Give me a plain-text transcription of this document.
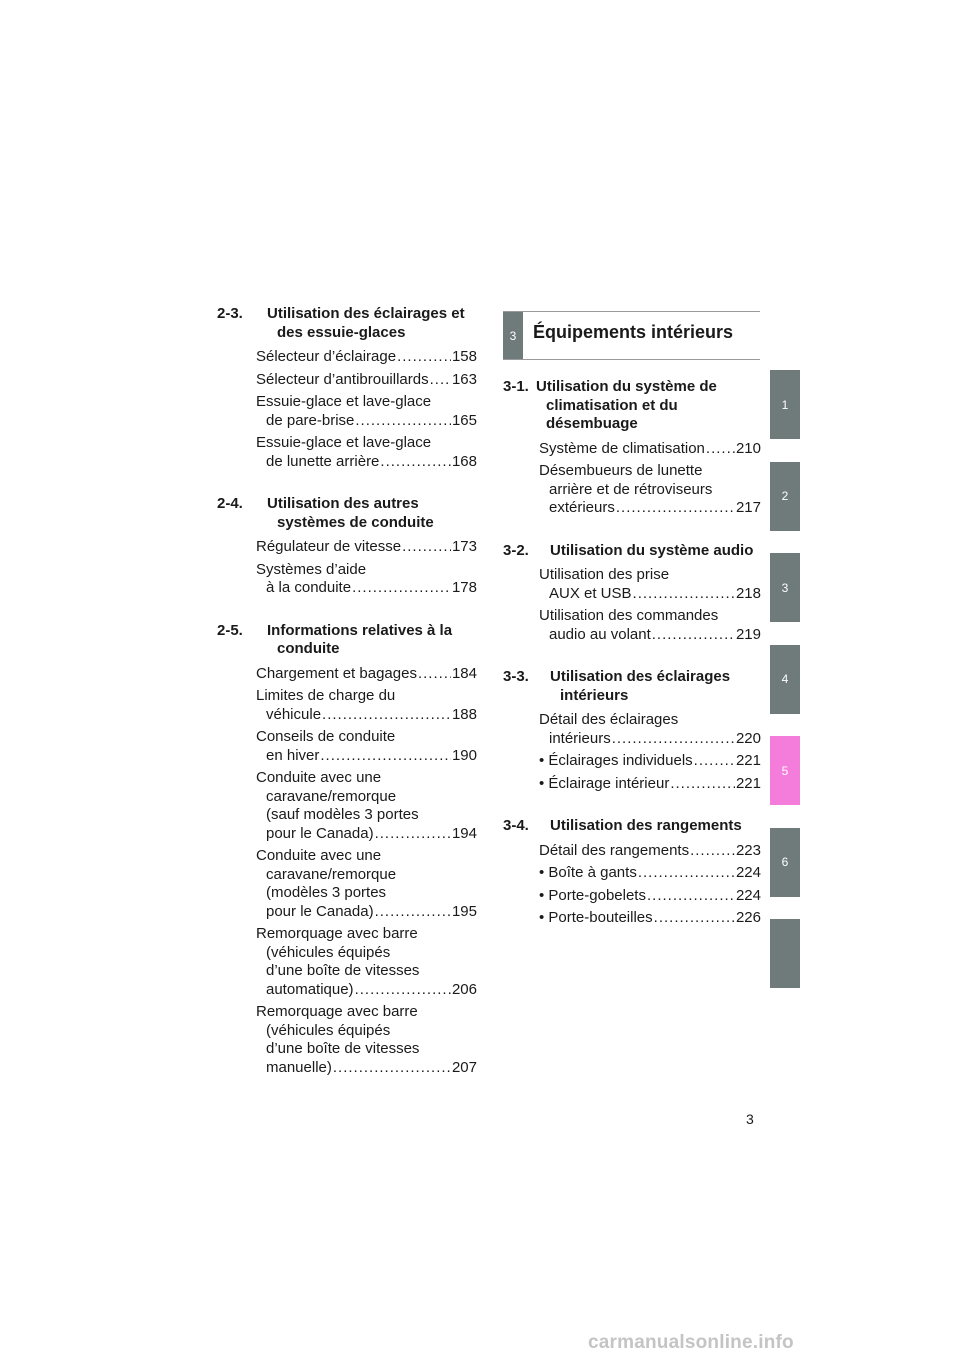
2-3.	Utilisation des éclairages et
des essuie-glaces
Sélecteur d’éclairage .....	158
Sélecteur d’antibrouillards ..... 163
Essuie-glace et lave-glace
de pare-brise .....	165
Essuie-glace et lave-glace
de lunette arrière .....	168
2-4.	Utilisation des autres
systèmes de conduite
Régulateur de vitesse .....	173
Systèmes d’aide
à la conduite .....	178
2-5.	Informations relatives à la
conduite
Chargement et bagages ..... 184
Limites de charge du
véhicule .....	188
Conseils de conduite
en hiver .....	190
Conduite avec une
caravane/remorque
(sauf modèles 3 portes
pour le Canada) .....	194
Conduite avec une
caravane/remorque
(modèles 3 portes
pour le Canada) .....	195
Remorquage avec barre
(véhicules équipés
d’une boîte de vitesses
automatique) .....	206
Remorquage avec barre
(véhicules équipés
d’une boîte de vitesses
manuelle) .....	207
3 Équipements intérieurs
3-1. Utilisation du système de
climatisation et du
désembuage
Système de climatisation ..... 210
Désembueurs de lunette
arrière et de rétroviseurs
extérieurs .....	217
3-2.	Utilisation du système audio
Utilisation des prise
AUX et USB .....	218
Utilisation des commandes
audio au volant .....	219
3-3.	Utilisation des éclairages
intérieurs
Détail des éclairages
intérieurs .....	220
• Éclairages individuels .....	221
• Éclairage intérieur .....	221
3-4.	Utilisation des rangements
Détail des rangements .....	223
• Boîte à gants .....	224
• Porte-gobelets .....	224
• Porte-bouteilles .....	226
1
2
3
4
5
6
3
carmanualsonline.info
